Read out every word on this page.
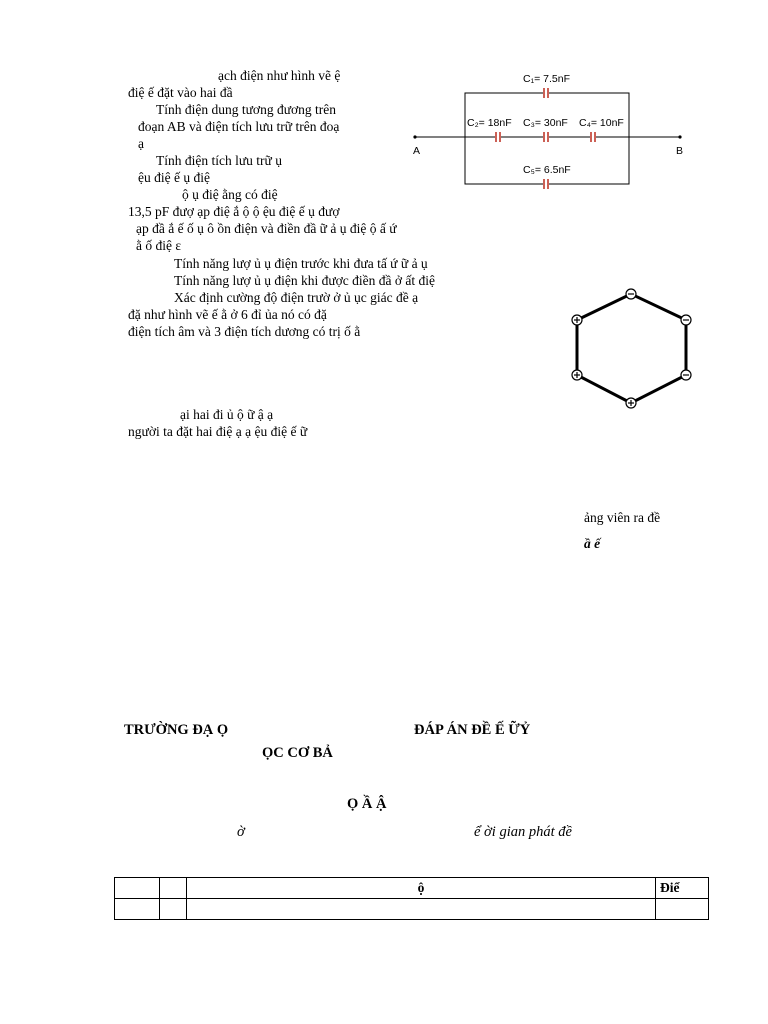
ạch điện như hình vẽ ệ
điệ ế đặt vào hai đầ
Tính điện dung tương đương trên
đoạn AB và điện tích lưu trữ trên đoạ
ạ
Tính điện tích lưu trữ ụ
ệu điệ ế ụ điệ
ộ ụ điệ ằng có điệ
13,5 pF đượ ạp điệ ắ ộ ộ ệu điệ ế ụ đượ
ạp đầ ắ ế ố ụ ô ồn điện và điền đầ ữ ả ụ điệ ộ ấ ứ
ằ ố điệ ε
Tính năng lượ ủ ụ điện trước khi đưa tấ ứ ữ ả ụ
Tính năng lượ ủ ụ điện khi được điền đầ ở ất điệ
Xác định cường độ điện trườ ở ủ ục giác đề ạ
đặ như hình vẽ ế ằ ở 6 đỉ ủa nó có đặ
điện tích âm và 3 điện tích dương có trị ố ằ
ại hai đi ủ ộ ữ ậ ạ
người ta đặt hai điệ ạ ạ ệu điệ ế ữ
C₁= 7.5nF
C₂= 18nF C₃= 30nF C₄= 10nF
C₅= 6.5nF
A	B
ảng viên ra đề
ầ ế
TRƯỜNG ĐẠ Ọ	ĐÁP ÁN ĐỀ Ế ỮỶ
ỌC CƠ BẢ
Ọ Ầ Ậ
ờ	ể ời gian phát đề
		ộ	Điể
